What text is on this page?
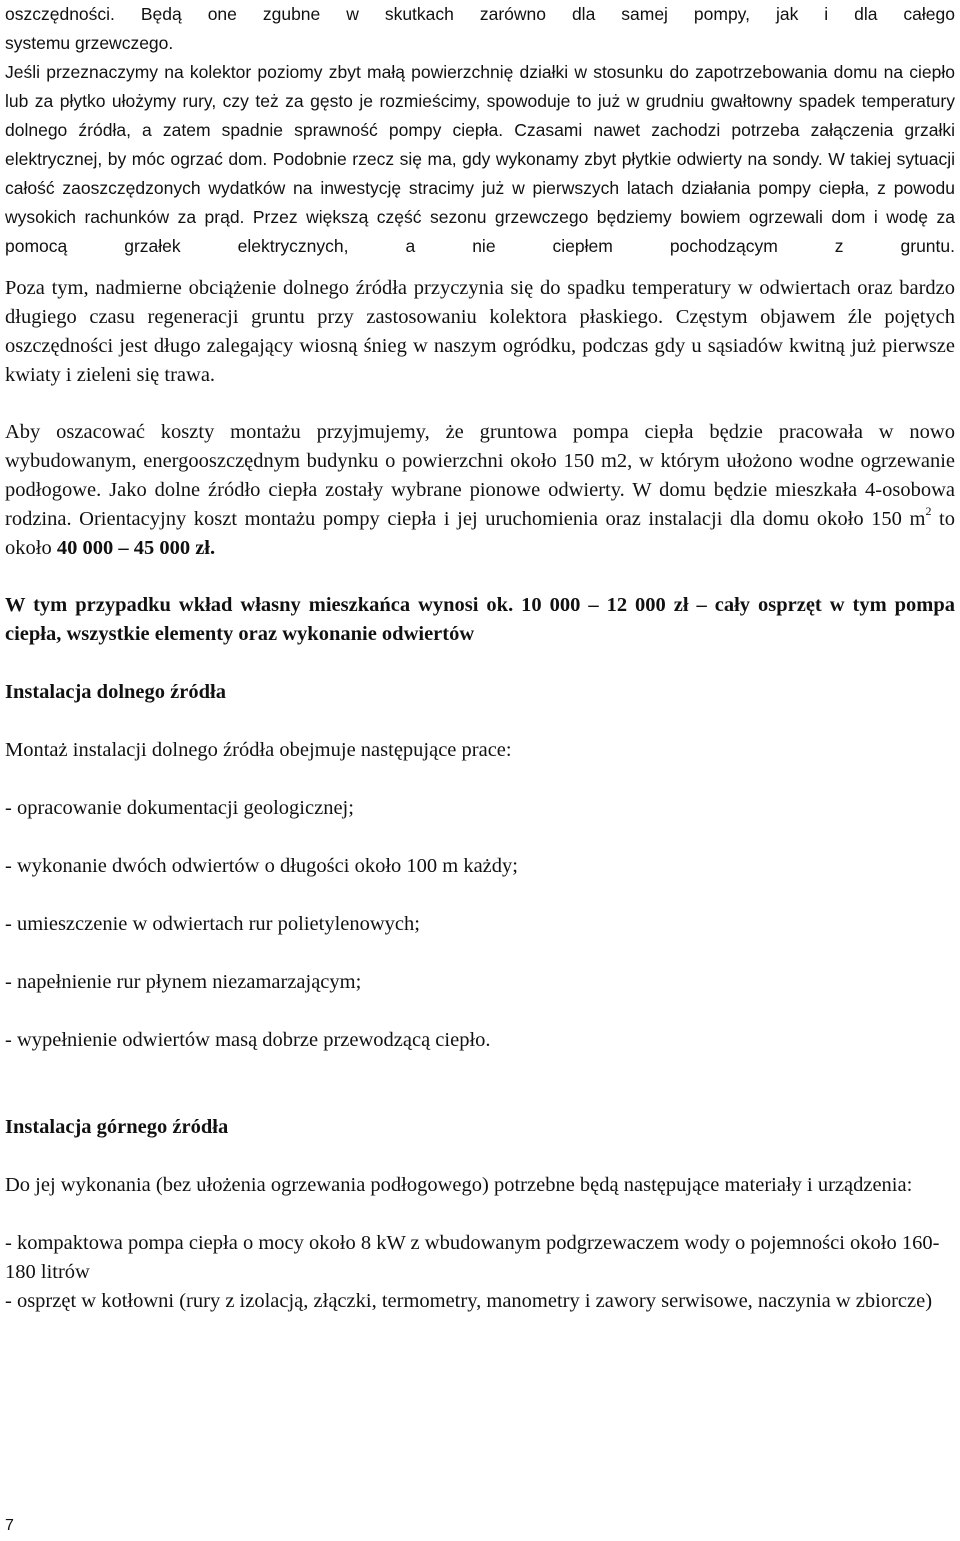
oszczędności. Będą one zgubne w skutkach zarówno dla samej pompy, jak i dla całego

systemu grzewczego.

Jeśli przeznaczymy na kolektor poziomy zbyt małą powierzchnię działki w stosunku do zapotrzebowania domu na ciepło lub za płytko ułożymy rury, czy też za gęsto je rozmieścimy, spowoduje to już w grudniu gwałtowny spadek temperatury dolnego źródła, a zatem spadnie sprawność pompy ciepła. Czasami nawet zachodzi potrzeba załączenia grzałki elektrycznej, by móc ogrzać dom. Podobnie rzecz się ma, gdy wykonamy zbyt płytkie odwierty na sondy. W takiej sytuacji całość zaoszczędzonych wydatków na inwestycję stracimy już w pierwszych latach działania pompy ciepła, z powodu wysokich rachunków za prąd. Przez większą część sezonu grzewczego będziemy bowiem ogrzewali dom i wodę za pomocą grzałek elektrycznych, a nie ciepłem pochodzącym z gruntu.

Poza tym, nadmierne obciążenie dolnego źródła przyczynia się do spadku temperatury w odwiertach oraz bardzo długiego czasu regeneracji gruntu przy zastosowaniu kolektora płaskiego. Częstym objawem źle pojętych oszczędności jest długo zalegający wiosną śnieg w naszym ogródku, podczas gdy u sąsiadów kwitną już pierwsze kwiaty i zieleni się trawa.

Aby oszacować koszty montażu przyjmujemy, że gruntowa pompa ciepła będzie pracowała w nowo wybudowanym, energooszczędnym budynku o powierzchni około 150 m2, w którym ułożono wodne ogrzewanie podłogowe. Jako dolne źródło ciepła zostały wybrane pionowe odwierty. W domu będzie mieszkała 4-osobowa rodzina. Orientacyjny koszt montażu pompy ciepła i jej uruchomienia oraz instalacji dla domu około 150 $m^2$ to około 40 000 – 45 000 zł.

W tym przypadku wkład własny mieszkańca wynosi ok. 10 000 – 12 000 zł – cały osprzęt w tym pompa ciepła, wszystkie elementy oraz wykonanie odwiertów

Instalacja dolnego źródła

Montaż instalacji dolnego źródła obejmuje następujące prace:

- opracowanie dokumentacji geologicznej;

- wykonanie dwóch odwiertów o długości około 100 m każdy;

- umieszczenie w odwiertach rur polietylenowych;

- napełnienie rur płynem niezamarzającym;

- wypełnienie odwiertów masą dobrze przewodzącą ciepło.

Instalacja górnego źródła

Do jej wykonania (bez ułożenia ogrzewania podłogowego) potrzebne będą następujące materiały i urządzenia:

- kompaktowa pompa ciepła o mocy około 8 kW z wbudowanym podgrzewaczem wody o pojemności około 160-180 litrów

- osprzęt w kotłowni (rury z izolacją, złączki, termometry, manometry i zawory serwisowe, naczynia w zbiorcze)

7
